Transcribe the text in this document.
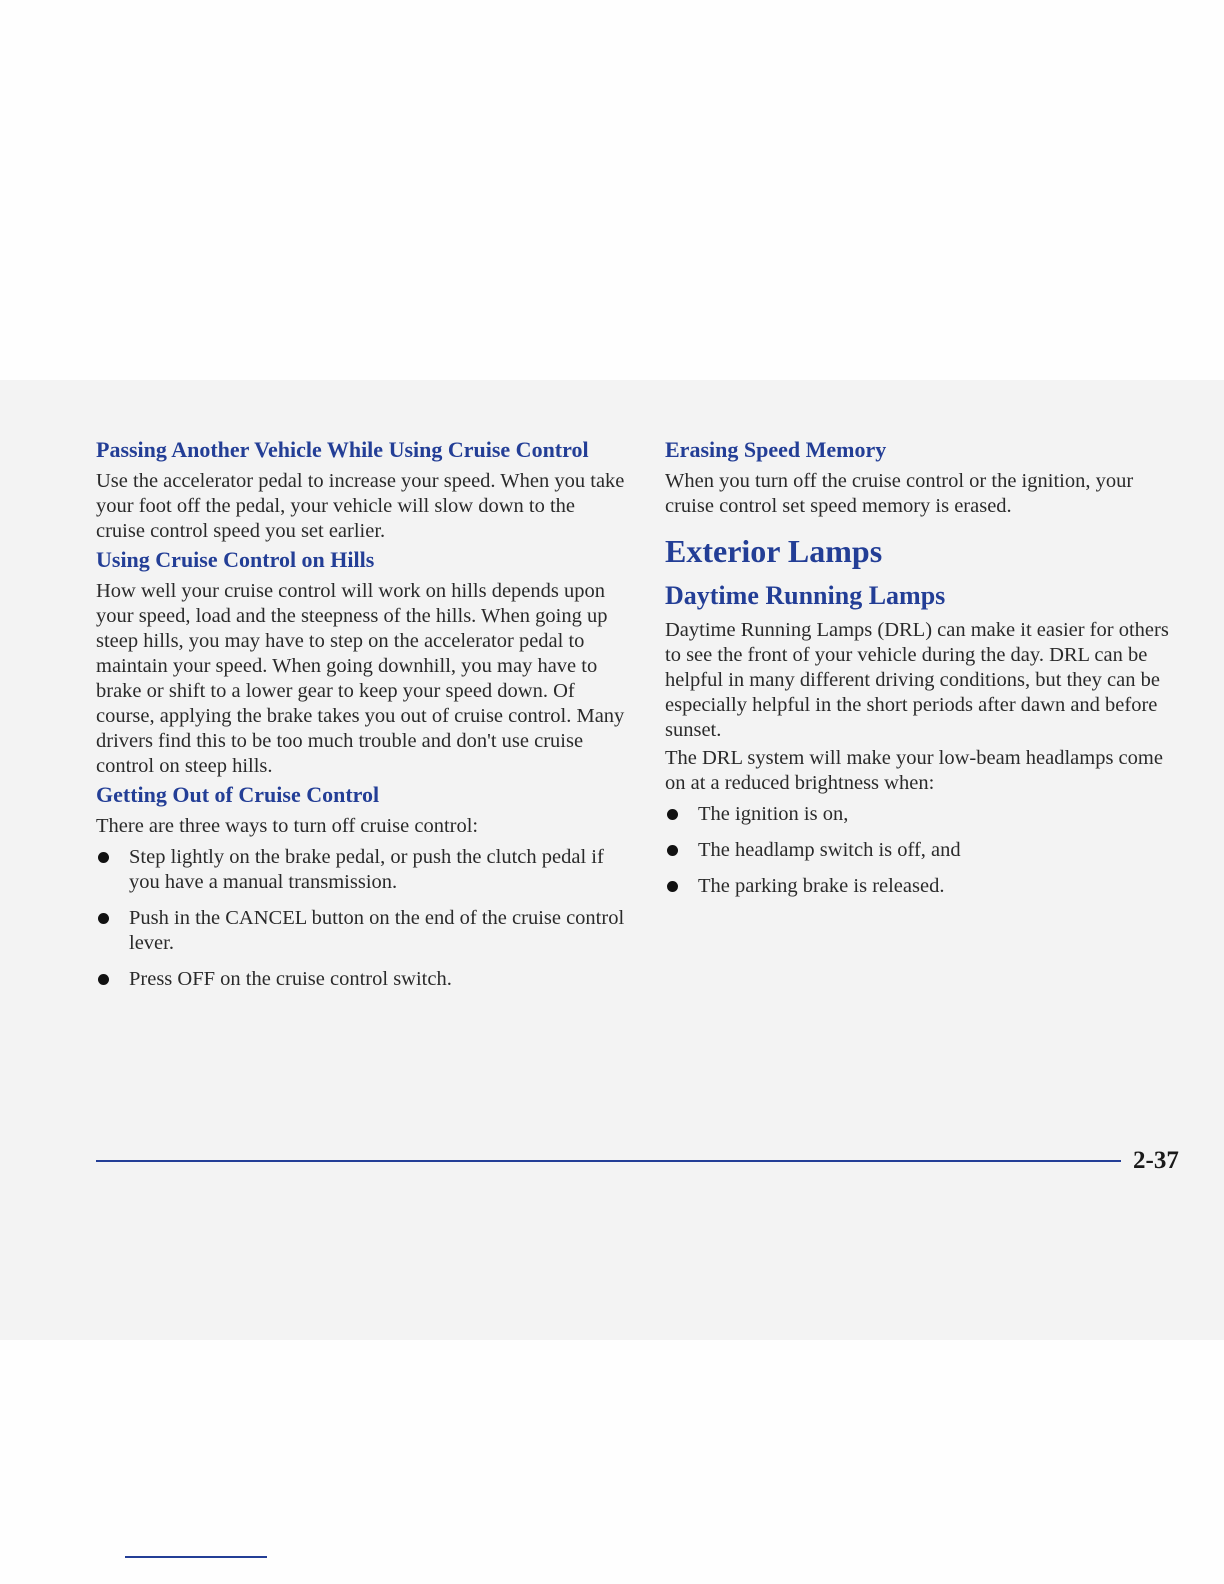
Passing Another Vehicle While Using Cruise Control

Use the accelerator pedal to increase your speed. When you take your foot off the pedal, your vehicle will slow down to the cruise control speed you set earlier.

Using Cruise Control on Hills

How well your cruise control will work on hills depends upon your speed, load and the steepness of the hills. When going up steep hills, you may have to step on the accelerator pedal to maintain your speed. When going downhill, you may have to brake or shift to a lower gear to keep your speed down. Of course, applying the brake takes you out of cruise control. Many drivers find this to be too much trouble and don't use cruise control on steep hills.

Getting Out of Cruise Control

There are three ways to turn off cruise control:

Step lightly on the brake pedal, or push the clutch pedal if you have a manual transmission.
Push in the CANCEL button on the end of the cruise control lever.
Press OFF on the cruise control switch.
Erasing Speed Memory

When you turn off the cruise control or the ignition, your cruise control set speed memory is erased.

Exterior Lamps
Daytime Running Lamps

Daytime Running Lamps (DRL) can make it easier for others to see the front of your vehicle during the day. DRL can be helpful in many different driving conditions, but they can be especially helpful in the short periods after dawn and before sunset.

The DRL system will make your low-beam headlamps come on at a reduced brightness when:

The ignition is on,
The headlamp switch is off, and
The parking brake is released.
2-37
